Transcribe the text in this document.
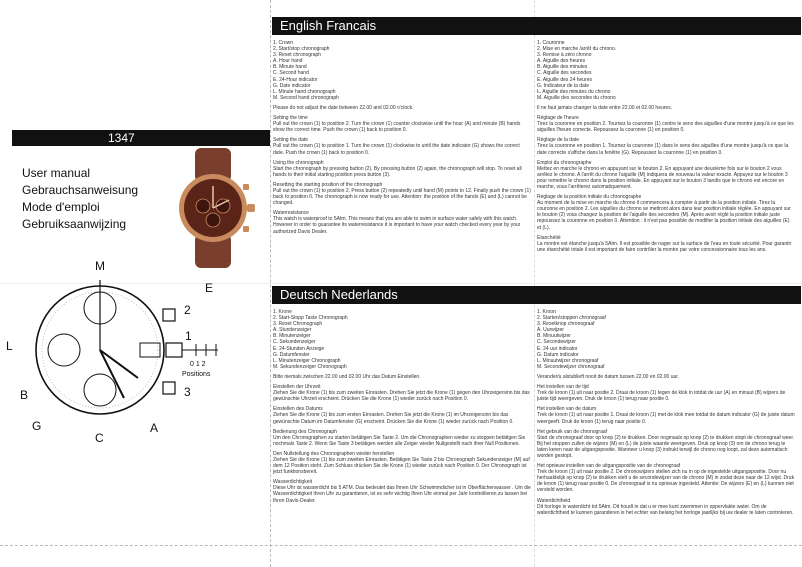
1347
User manual
Gebrauchsanweisung
Mode d'emploi
Gebruiksaanwijzing
M
L
B
G
C
A
E
1
2
3
0 1 2
Positions
English Francais
1. Crown
2. Start/stop chronograph
3. Reset chronograph
A. Hour hand
B. Minute hand
C. Second hand
E. 24-Hour indicator
G. Date indicator
L. Minute hand chronograph
M. Second hand chronograph
Please do not adjust the date between 22.00 and 02.00 o'clock.
Setting the time
Pull out the crown (1) to position 2. Turn the crown (1) counter clockwise until the hour (A) and minute (B) hands show the correct time. Push the crown (1) back to position 0.
Setting the date
Pull out the crown (1) to position 1. Turn the crown (1) clockwise to until the date indicator (G) shows the correct date. Push the crown (1) back to position 0.
Using the chronograph
Start the chronograph by pressing button (2). By pressing button (2) again, the chronograph will stop. To reset all hands to their initial starting position press button (3).
Resetting the starting position of the chronograph
Pull out the crown (1) to position 2. Press button (2) repeatedly until hand (M) points to 12. Finally push the crown (1) back to position 0. The chronograph is now ready for use. Attention: the position of the hands (E) and (L) cannot be changed.
Waterresistance
This watch is waterproof to 5Atm. This means that you are able to swim in surface water safely with this watch. However in order to guarantee its waterresistance it is important to have your watch checked every year by your authorized Davis Dealer.
1. Couronne
2. Mise en marche /arrêt du chrono.
3. Remise à zéro chrono
A. Aiguille des heures
B. Aiguille des minutes
C. Aiguille des secondes
E. Aiguille des 24 heures
G. Indicateur de la date
L. Aiguille des minutes du chrono
M. Aiguille des secondes du chrono
Il ne faut jamais changer la date entre 22.00 et 02.00 heures.
Réglage de l'heure
Tirez la couronne en position 2. Tournez la couronne (1) contre le sens des aiguilles d'une montre jusqu'à ce que les aiguilles l'heure correcte. Repoussez la couronne (1) en position 0.
Réglage de la date
Tirez la couronne en position 1. Tournez la couronne (1) dans le sens des aiguilles d'une montre jusqu'à ce que la date correcte s'affiche dans la fenêtre (G). Repoussez la couronne (1) en position 0.
Emploi du chronographe
Mettez en marche le chrono en appuyant sur le bouton 2. En appuyant une deuxième fois sur le bouton 2 vous arrêtez le chrono. A l'arrêt du chrono l'aiguille (M) indiquera de nouveau la valeur exacte. Appuyez sur le bouton 3 pour remettre le chrono dans la position initiale. En appuyant sur le bouton 3 tandis que le chrono est encore en marche, vous l'arrêterez automatiquement.
Réglage de la position initiale du chronographe
Au moment de la mise en marche du chrono il commencera à compter à partir de la position initiale. Tirez la couronne en position 2. Les aiguilles du chrono se mettront alors dans leur position initiale réglée. En appuyant sur le bouton (2) vous changez la position de l'aiguille des secondes (M). Après avoir réglé la position initiale juste repoussez la couronne en position 0. Attention : il n'est pas possible de modifier la position initiale des aiguilles (E) et (L).
Etanchéité
La montre est étanche jusqu'à 5Atm. Il est possible de nager sur la surface de l'eau en toute sécurité. Pour garantir une étanchéité totale il est important de faire contrôler la montre par votre concessionnaire tous les ans.
Deutsch Nederlands
1. Krone
2. Start-Stopp Taste Chronograph
3. Reset Chronograph
A. Stundenzeiger
B. Minutenzeiger
C. Sekundenzeiger
E. 24-Stunden Anzeige
G. Datumfenster
L. Minutenzeiger Chronograph
M. Sekundenzeiger Chronograph
Bitte niemals zwischen 22.00 und 02.00 Uhr das Datum Einstellen.
Einstellen der Uhrzeit
Ziehen Sie die Krone (1) bis zum zweiten Einrasten. Drehen Sie jetzt die Krone (1) gegen den Uhrzeigersinn bis das gewünschte Uhrzeit erscheint. Drücken Sie die Krone (1) wieder zurück nach Position 0.
Einstellen des Datums
Ziehen Sie die Krone (1) bis zum ersten Einrasten. Drehen Sie jetzt die Krone (1) im Uhrzeigersinn bis das gewünschte Datum im Datumfenster (G) erscheint. Drücken Sie die Krone (1) wieder zurück nach Position 0.
Bedienung des Chronograph
Um den Chronographen zu starten betätigen Sie Taste 2. Um die Chronographen wieder zu stoppen betätigen Sie nochmals Taste 2. Wenn Sie Taste 3 betätigen werden alle Zeiger wieder Nullgestellt nach ihrer Null Positionen.
Den Nullstellung des Chronographen wieder herstellen
Ziehen Sie die Krone (1) bis zum zweiten Einrasten. Betätigen Sie Taste 2 bis Chronograph Sekundenzeiger (M) auf dem 12 Position steht. Zum Schluss drücken Sie die Krone (1) wieder zurück nach Position 0. Der Chronograph ist jetzt funktionsbereit.
Wasserdichtigkeit
Diese Uhr ist wasserdicht bis 5 ATM. Das bedeutet das Ihnen Uhr Schwimmdicher ist in Oberflächenwasser . Um die Wasserdichtigkeit Ihren Uhr zu garantieren, ist es sehr wichtig Ihren Uhr einmal per Jahr kontrollieren zu lassen bei Ihren Davis-Dealer.
1. Kroon
2. Starten/stoppen chronograaf
3. Resetknop chronograaf
A. Uurwijzer
B. Minuutwijzer
C. Secondewijzer
E. 24 uur indicator
G. Datum indicator
L. Minuutwijzer chronograaf
M. Secondewijzer chronograaf
Verander/u alstublieft nooit de datum tussen 22.00 en 02.00 uur.
Het instellen van de tijd
Trek de kroon (1) uit naar positie 2. Draai de kroon (1) tegen de klok in totdat de uur (A) en minuut (B) wijzers de juiste tijd weergeven. Druk de kroon (1) terug naar positie 0.
Het instellen van de datum
Trek de kroon (1) uit naar positie 1. Draai de kroon (1) met de klok mee totdat de datum indicator (G) de juiste datum weergeeft. Druk de kroon (1) terug naar positie 0.
Het gebruik van de chronograaf
Start de chronograaf door op knop (2) te drukken. Door nogmaals op knop (2) te drukken stopt de chronograaf weer. Bij het stoppen zullen de wijzers (M) en (L) de juiste waarde weergeven. Druk op knop (3) om de chrono terug te laten keren naar de uitgangspositie. Wanneer u knop (3) indrukt terwijl de chrono nog loopt, zal deze automatisch worden gestopt.
Het opnieuw instellen van de uitgangspositie van de chronograaf
Trek de kroon (1) uit naar positie 2. De chronowijzers stellen zich nu in op de ingestelde uitgangspositie. Door nu herhaaldelijk op knop (2) te drukken stelt u de secondewijzer van de chrono (M) in zodat deze naar de 12 wijst. Druk de kroon (1) terug naar positie 0. De chronograaf is nu opnieuw ingesteld. Attentie: De wijzers (E) en (L) kunnen niet versteld worden.
Waterdichtheid
Dit horloge is waterdicht tot 5Atm. Dit houdt in dat u er mee kunt zwemmen in oppervlakte water. Om de waterdichtheid te kunnen garanderen is het echter van belang het horloge jaarlijks bij uw dealer te laten controleren.
